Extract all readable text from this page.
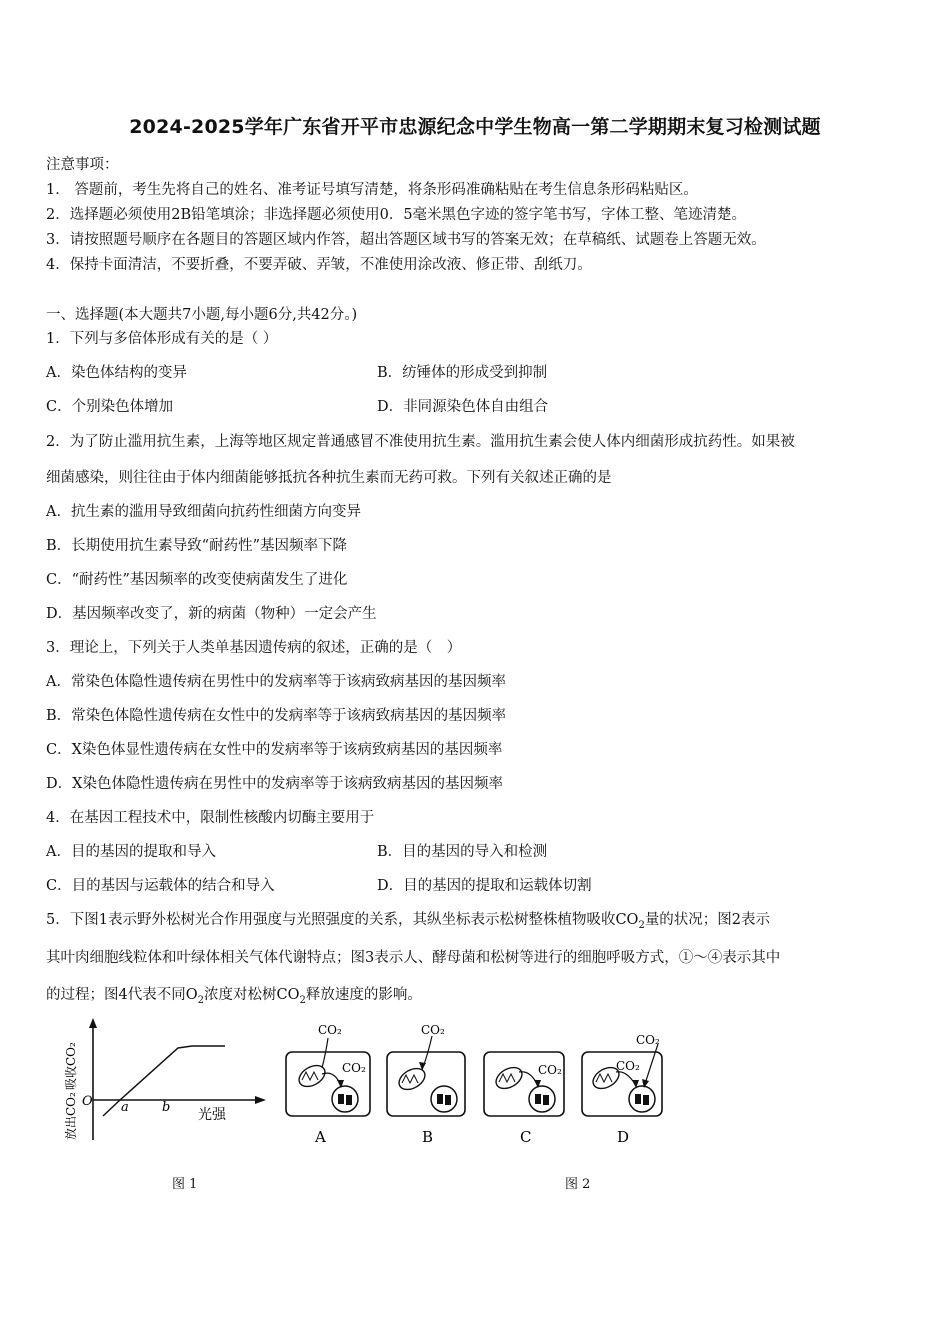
2024-2025学年广东省开平市忠源纪念中学生物高一第二学期期末复习检测试题
注意事项：
1． 答题前，考生先将自己的姓名、准考证号填写清楚，将条形码准确粘贴在考生信息条形码粘贴区。
2．选择题必须使用2B铅笔填涂；非选择题必须使用0．5毫米黑色字迹的签字笔书写，字体工整、笔迹清楚。
3．请按照题号顺序在各题目的答题区域内作答，超出答题区域书写的答案无效；在草稿纸、试题卷上答题无效。
4．保持卡面清洁，不要折叠，不要弄破、弄皱，不准使用涂改液、修正带、刮纸刀。
一、选择题(本大题共7小题,每小题6分,共42分。)
1．下列与多倍体形成有关的是（ ）
A．染色体结构的变异	B．纺锤体的形成受到抑制
C．个别染色体增加	D．非同源染色体自由组合
2．为了防止滥用抗生素，上海等地区规定普通感冒不准使用抗生素。滥用抗生素会使人体内细菌形成抗药性。如果被
细菌感染，则往往由于体内细菌能够抵抗各种抗生素而无药可救。下列有关叙述正确的是
A．抗生素的滥用导致细菌向抗药性细菌方向变异
B．长期使用抗生素导致“耐药性”基因频率下降
C．“耐药性”基因频率的改变使病菌发生了进化
D．基因频率改变了，新的病菌（物种）一定会产生
3．理论上，下列关于人类单基因遗传病的叙述，正确的是（　）
A．常染色体隐性遗传病在男性中的发病率等于该病致病基因的基因频率
B．常染色体隐性遗传病在女性中的发病率等于该病致病基因的基因频率
C．X染色体显性遗传病在女性中的发病率等于该病致病基因的基因频率
D．X染色体隐性遗传病在男性中的发病率等于该病致病基因的基因频率
4．在基因工程技术中，限制性核酸内切酶主要用于
A．目的基因的提取和导入	B．目的基因的导入和检测
C．目的基因与运载体的结合和导入	D．目的基因的提取和运载体切割
5．下图1表示野外松树光合作用强度与光照强度的关系，其纵坐标表示松树整株植物吸收$CO_2$量的状况；图2表示
其叶肉细胞线粒体和叶绿体相关气体代谢特点；图3表示人、酵母菌和松树等进行的细胞呼吸方式，①～④表示其中
的过程；图4代表不同$O_2$浓度对松树$CO_2$释放速度的影响。
吸收CO₂
放出CO₂ O a	b 光强
CO₂
CO₂
A
CO₂
B
CO₂
C
CO₂
CO₂
D
图 1	图 2
